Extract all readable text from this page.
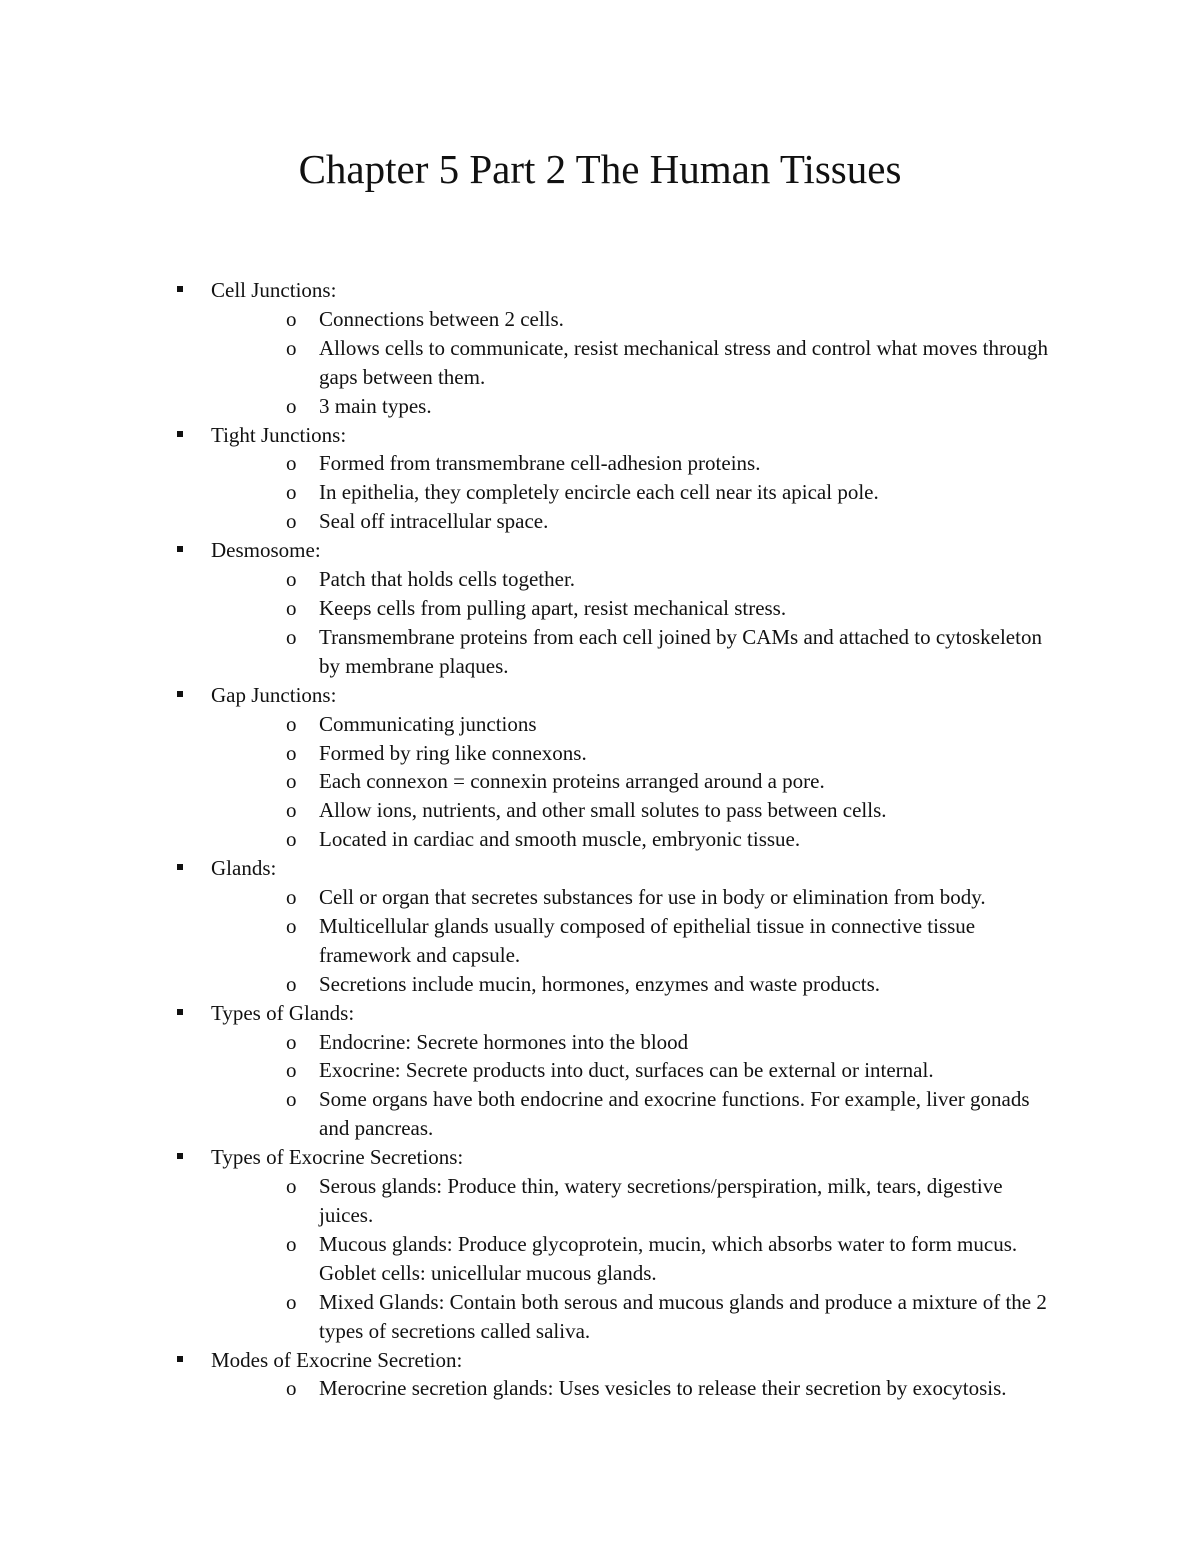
Chapter 5 Part 2 The Human Tissues
Cell Junctions:
o	Connections between 2 cells.
o	Allows cells to communicate, resist mechanical stress and control what moves through gaps between them.
o	3 main types.
Tight Junctions:
o	Formed from transmembrane cell-adhesion proteins.
o	In epithelia, they completely encircle each cell near its apical pole.
o	Seal off intracellular space.
Desmosome:
o	Patch that holds cells together.
o	Keeps cells from pulling apart, resist mechanical stress.
o	Transmembrane proteins from each cell joined by CAMs and attached to cytoskeleton by membrane plaques.
Gap Junctions:
o	Communicating junctions
o	Formed by ring like connexons.
o	Each connexon = connexin proteins arranged around a pore.
o	Allow ions, nutrients, and other small solutes to pass between cells.
o	Located in cardiac and smooth muscle, embryonic tissue.
Glands:
o	Cell or organ that secretes substances for use in body or elimination from body.
o	Multicellular glands usually composed of epithelial tissue in connective tissue framework and capsule.
o	Secretions include mucin, hormones, enzymes and waste products.
Types of Glands:
o	Endocrine: Secrete hormones into the blood
o	Exocrine: Secrete products into duct, surfaces can be external or internal.
o	Some organs have both endocrine and exocrine functions. For example, liver gonads and pancreas.
Types of Exocrine Secretions:
o	Serous glands: Produce thin, watery secretions/perspiration, milk, tears, digestive juices.
o	Mucous glands: Produce glycoprotein, mucin, which absorbs water to form mucus. Goblet cells: unicellular mucous glands.
o	Mixed Glands: Contain both serous and mucous glands and produce a mixture of the 2 types of secretions called saliva.
Modes of Exocrine Secretion:
o	Merocrine secretion glands: Uses vesicles to release their secretion by exocytosis.
